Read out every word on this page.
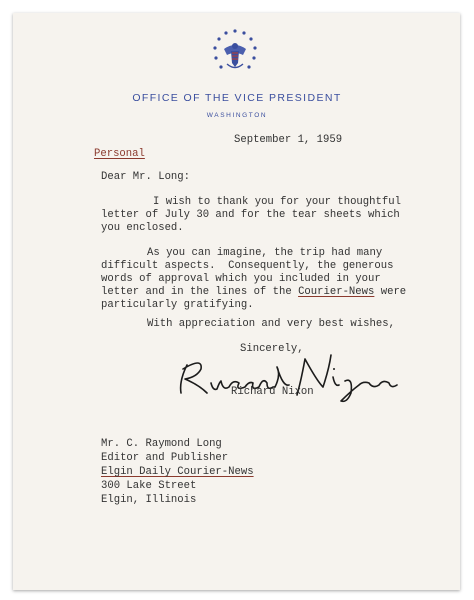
OFFICE OF THE VICE PRESIDENT
WASHINGTON
September 1, 1959
Personal
Dear Mr. Long:
I wish to thank you for your thoughtful
letter of July 30 and for the tear sheets which
you enclosed.
As you can imagine, the trip had many
difficult aspects.  Consequently, the generous
words of approval which you included in your
letter and in the lines of the Courier-News were
particularly gratifying.
With appreciation and very best wishes,
Sincerely,
Richard Nixon
Mr. C. Raymond Long
Editor and Publisher
Elgin Daily Courier-News
300 Lake Street
Elgin, Illinois
